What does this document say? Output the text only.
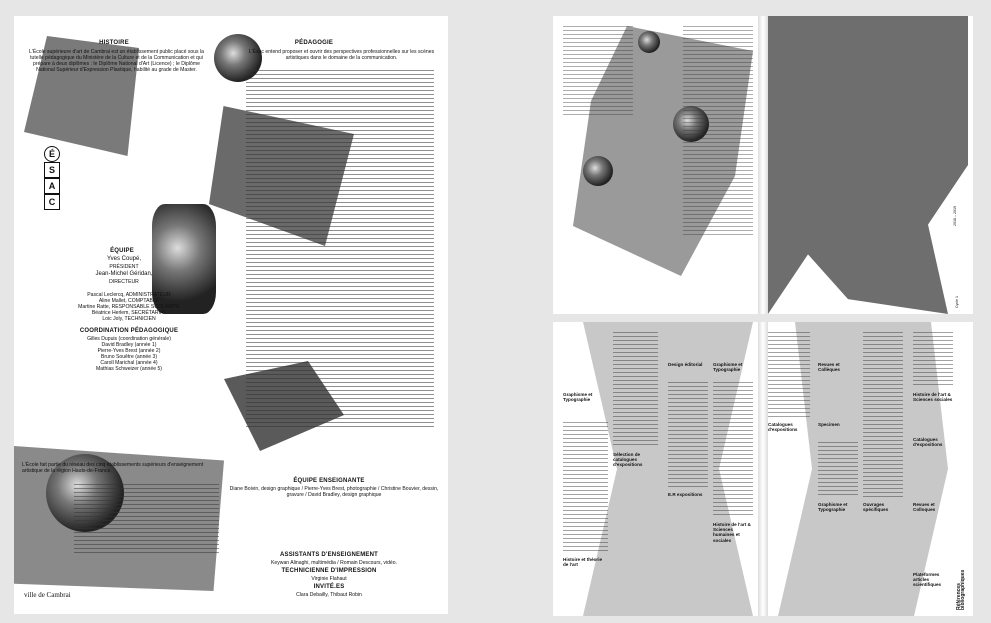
HISTOIRE
L'École supérieure d'art de Cambrai est un établissement public placé sous la tutelle pédagogique du Ministère de la Culture et de la Communication et qui prépare à deux diplômes : le Diplôme National d'Art (Licence) ; le Diplôme National Supérieur d'Expression Plastique, habilité au grade de Master.
É
S
A
C
PÉDAGOGIE
L'Ésac entend proposer et ouvrir des perspectives professionnelles sur les scènes artistiques dans le domaine de la communication.
ÉQUIPE
Yves Coupé,
PRÉSIDENT
Jean-Michel Géridan,
DIRECTEUR
Pascal Leclercq, ADMINISTRATEUR
Aline Mallet, COMPTABLE
Martine Ratte, RESPONSABLE SCOLARITÉ
Béatrice Herlem, SECRÉTARIAT
Loic Joly, TECHNICIEN
COORDINATION PÉDAGOGIQUE
Gilles Dupuis (coordination générale)
David Bradley (année 1)
Pierre-Yves Brest (année 2)
Bruno Souêtre (année 3)
Caroll Marichal (année 4)
Mathias Schweizer (année 5)
L'École fait partie du réseau des cinq établissements supérieurs d'enseignement artistique de la région Hauts-de-France.
ville de Cambrai
ÉQUIPE ENSEIGNANTE
Diane Boivin, design graphique / Pierre-Yves Brest, photographie / Christine Bouvier, dessin, gravure / David Bradley, design graphique
ASSISTANTS D'ENSEIGNEMENT
Keywan Alinaghi, multimédia / Romain Descours, vidéo.
TECHNICIENNE D'IMPRESSION
Virginie Flahaut
INVITÉ.ES
Clara Debailly, Thibaut Robin
2018 – 2019
Cycle 1
Graphisme et Typographie
Design éditorial	Graphisme et Typographie
Revues et Collèques
Sélection de catalogues d'expositions
E.R expositions
Histoire de l'art & Sciences humaines et sociales
Histoire et théorie de l'art
Catalogues d'expositions
Specimen
Graphisme et Typographie
Ouvrages spécifiques
Histoire de l'art & Sciences sociales
Catalogues d'expositions
Revues et Colloques
Plateformes articles scientifiques	Références bibliographiques
